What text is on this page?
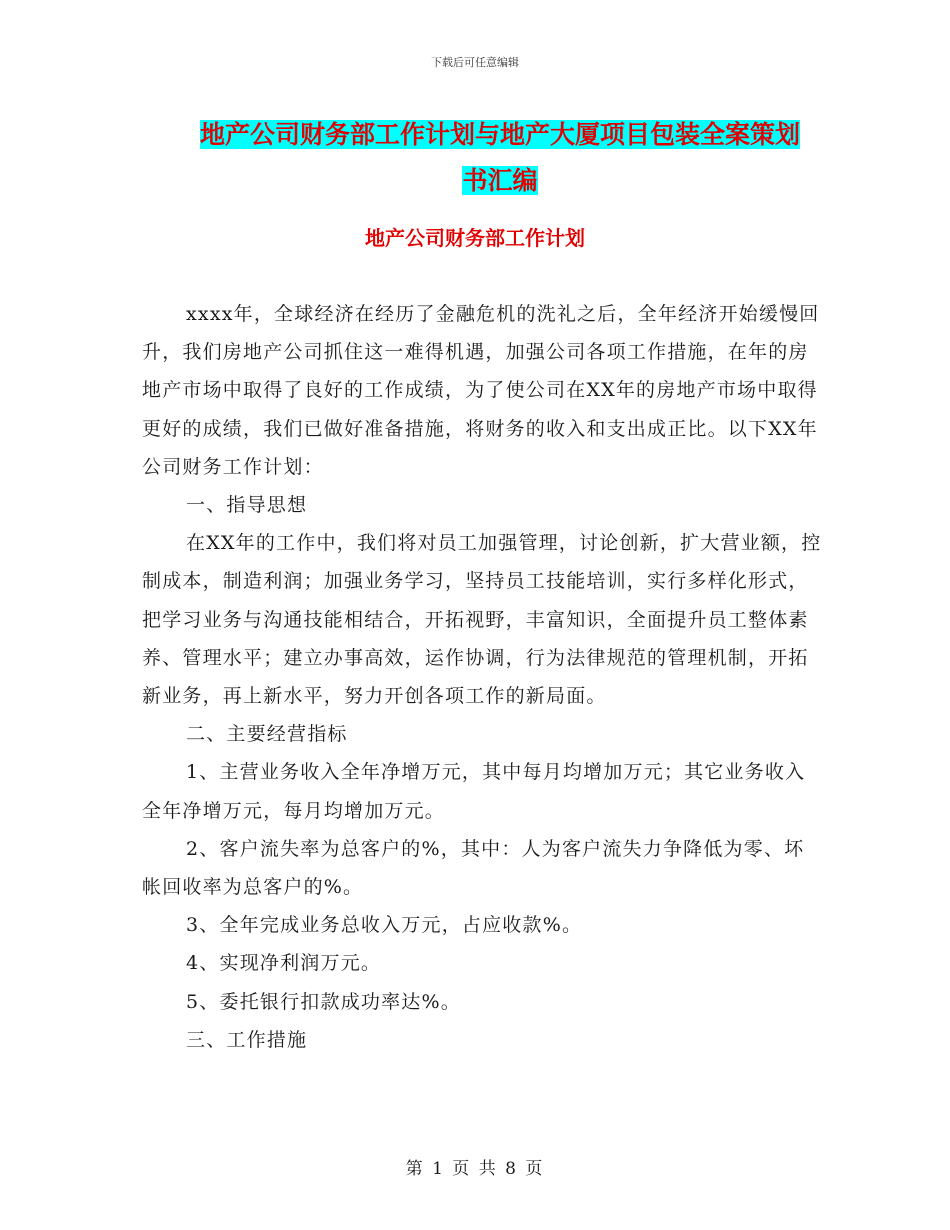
下载后可任意编辑
地产公司财务部工作计划与地产大厦项目包装全案策划书汇编
地产公司财务部工作计划

xxxx年，全球经济在经历了金融危机的洗礼之后，全年经济开始缓慢回升，我们房地产公司抓住这一难得机遇，加强公司各项工作措施，在年的房地产市场中取得了良好的工作成绩，为了使公司在XX年的房地产市场中取得更好的成绩，我们已做好准备措施，将财务的收入和支出成正比。以下XX年公司财务工作计划：

一、指导思想

在XX年的工作中，我们将对员工加强管理，讨论创新，扩大营业额，控制成本，制造利润；加强业务学习，坚持员工技能培训，实行多样化形式，把学习业务与沟通技能相结合，开拓视野，丰富知识，全面提升员工整体素养、管理水平；建立办事高效，运作协调，行为法律规范的管理机制，开拓新业务，再上新水平，努力开创各项工作的新局面。

二、主要经营指标

1、主营业务收入全年净增万元，其中每月均增加万元；其它业务收入全年净增万元，每月均增加万元。

2、客户流失率为总客户的%，其中：人为客户流失力争降低为零、坏帐回收率为总客户的%。

3、全年完成业务总收入万元，占应收款%。

4、实现净利润万元。

5、委托银行扣款成功率达%。

三、工作措施

第 1 页 共 8 页
